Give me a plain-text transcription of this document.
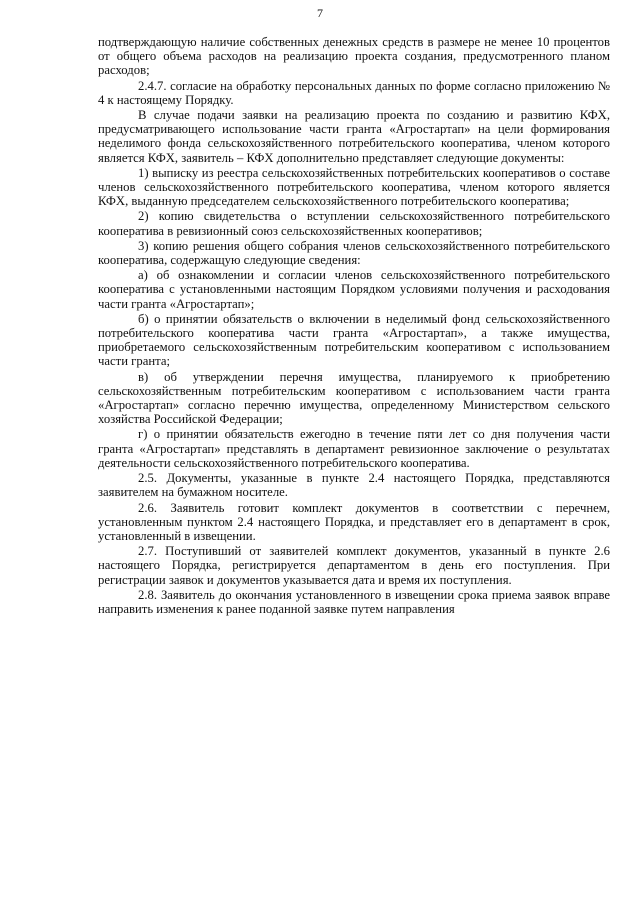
7

подтверждающую наличие собственных денежных средств в размере не менее 10 процентов от общего объема расходов на реализацию проекта создания, предусмотренного планом расходов;

2.4.7. согласие на обработку персональных данных по форме согласно приложению № 4 к настоящему Порядку.

В случае подачи заявки на реализацию проекта по созданию и развитию КФХ, предусматривающего использование части гранта «Агростартап» на цели формирования неделимого фонда сельскохозяйственного потребительского кооператива, членом которого является КФХ, заявитель – КФХ дополнительно представляет следующие документы:

1) выписку из реестра сельскохозяйственных потребительских кооперативов о составе членов сельскохозяйственного потребительского кооператива, членом которого является КФХ, выданную председателем сельскохозяйственного потребительского кооператива;

2) копию свидетельства о вступлении сельскохозяйственного потребительского кооператива в ревизионный союз сельскохозяйственных кооперативов;

3) копию решения общего собрания членов сельскохозяйственного потребительского кооператива, содержащую следующие сведения:

а) об ознакомлении и согласии членов сельскохозяйственного потребительского кооператива с установленными настоящим Порядком условиями получения и расходования части гранта «Агростартап»;

б) о принятии обязательств о включении в неделимый фонд сельскохозяйственного потребительского кооператива части гранта «Агростартап», а также имущества, приобретаемого сельскохозяйственным потребительским кооперативом с использованием части гранта;

в) об утверждении перечня имущества, планируемого к приобретению сельскохозяйственным потребительским кооперативом с использованием части гранта «Агростартап» согласно перечню имущества, определенному Министерством сельского хозяйства Российской Федерации;

г) о принятии обязательств ежегодно в течение пяти лет со дня получения части гранта «Агростартап» представлять в департамент ревизионное заключение о результатах деятельности сельскохозяйственного потребительского кооператива.

2.5. Документы, указанные в пункте 2.4 настоящего Порядка, представляются заявителем на бумажном носителе.

2.6. Заявитель готовит комплект документов в соответствии с перечнем, установленным пунктом 2.4 настоящего Порядка, и представляет его в департамент в срок, установленный в извещении.

2.7. Поступивший от заявителей комплект документов, указанный в пункте 2.6 настоящего Порядка, регистрируется департаментом в день его поступления. При регистрации заявок и документов указывается дата и время их поступления.

2.8. Заявитель до окончания установленного в извещении срока приема заявок вправе направить изменения к ранее поданной заявке путем направления
